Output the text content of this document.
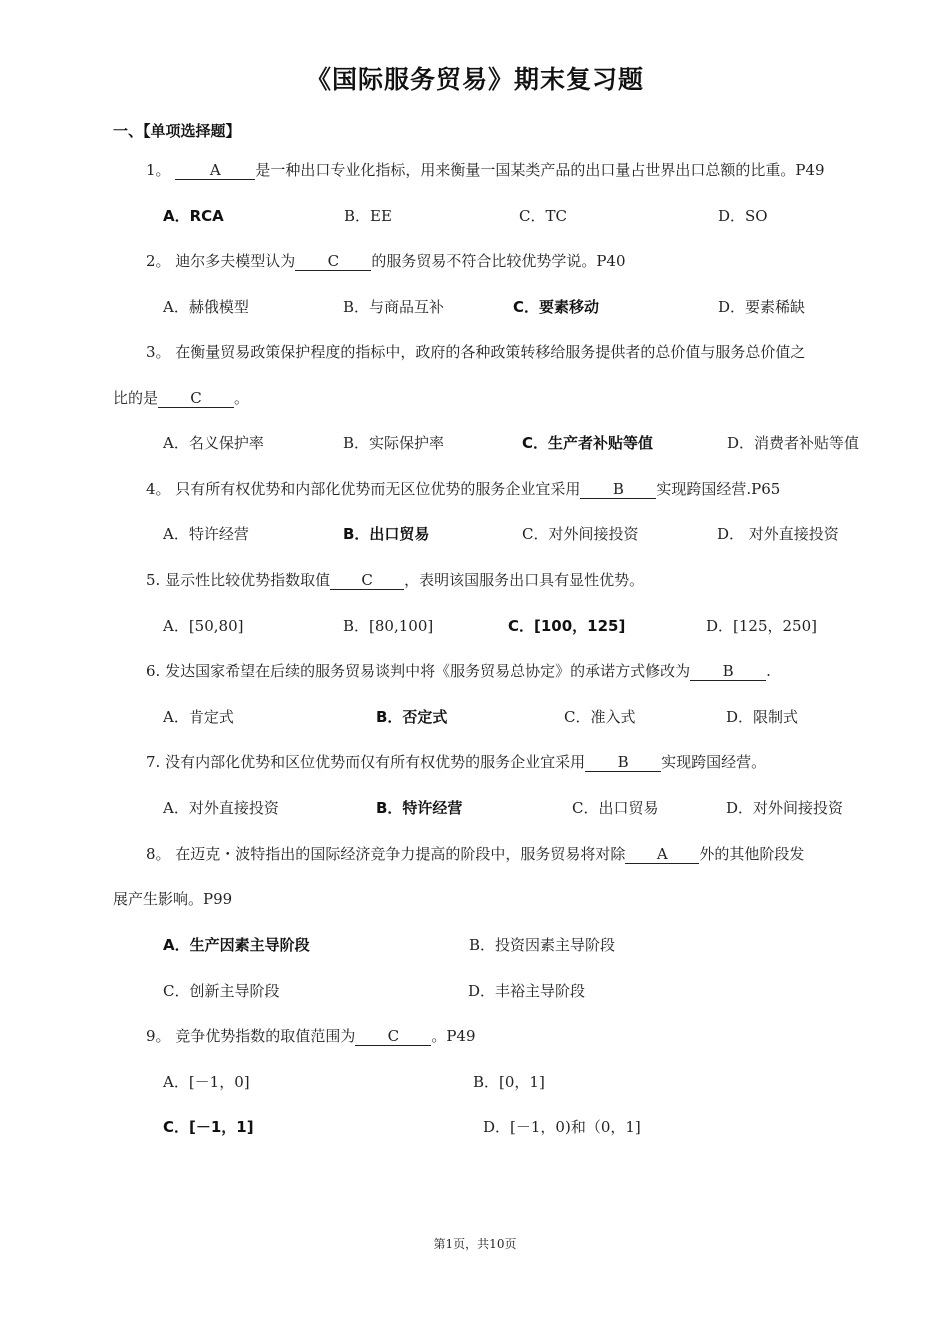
《国际服务贸易》期末复习题
一、【单项选择题】
1。 A 是一种出口专业化指标，用来衡量一国某类产品的出口量占世界出口总额的比重。P49
A．RCA	B．EE	C．TC	D．SO
2。 迪尔多夫模型认为 C 的服务贸易不符合比较优势学说。P40
A．赫俄模型	B．与商品互补	C．要素移动	D．要素稀缺
3。 在衡量贸易政策保护程度的指标中，政府的各种政策转移给服务提供者的总价值与服务总价值之
比的是 C 。
A．名义保护率	B．实际保护率	C．生产者补贴等值	D．消费者补贴等值
4。 只有所有权优势和内部化优势而无区位优势的服务企业宜采用 B 实现跨国经营.P65
A．特许经营	B．出口贸易	C．对外间接投资	D． 对外直接投资
5. 显示性比较优势指数取值 C ，表明该国服务出口具有显性优势。
A．[50,80]	B．[80,100]	C．[100，125]	D．[125，250]
6. 发达国家希望在后续的服务贸易谈判中将《服务贸易总协定》的承诺方式修改为 B .
A．肯定式	B．否定式	C．准入式	D．限制式
7. 没有内部化优势和区位优势而仅有所有权优势的服务企业宜采用 B 实现跨国经营。
A．对外直接投资	B．特许经营	C．出口贸易	D．对外间接投资
8。 在迈克・波特指出的国际经济竞争力提高的阶段中，服务贸易将对除 A 外的其他阶段发
展产生影响。P99
A．生产因素主导阶段	B．投资因素主导阶段
C．创新主导阶段	D．丰裕主导阶段
9。 竞争优势指数的取值范围为 C 。P49
A．[－1，0]	B．[0，1]
C．[－1，1]	D．[－1，0)和（0，1]
第1页，共10页
